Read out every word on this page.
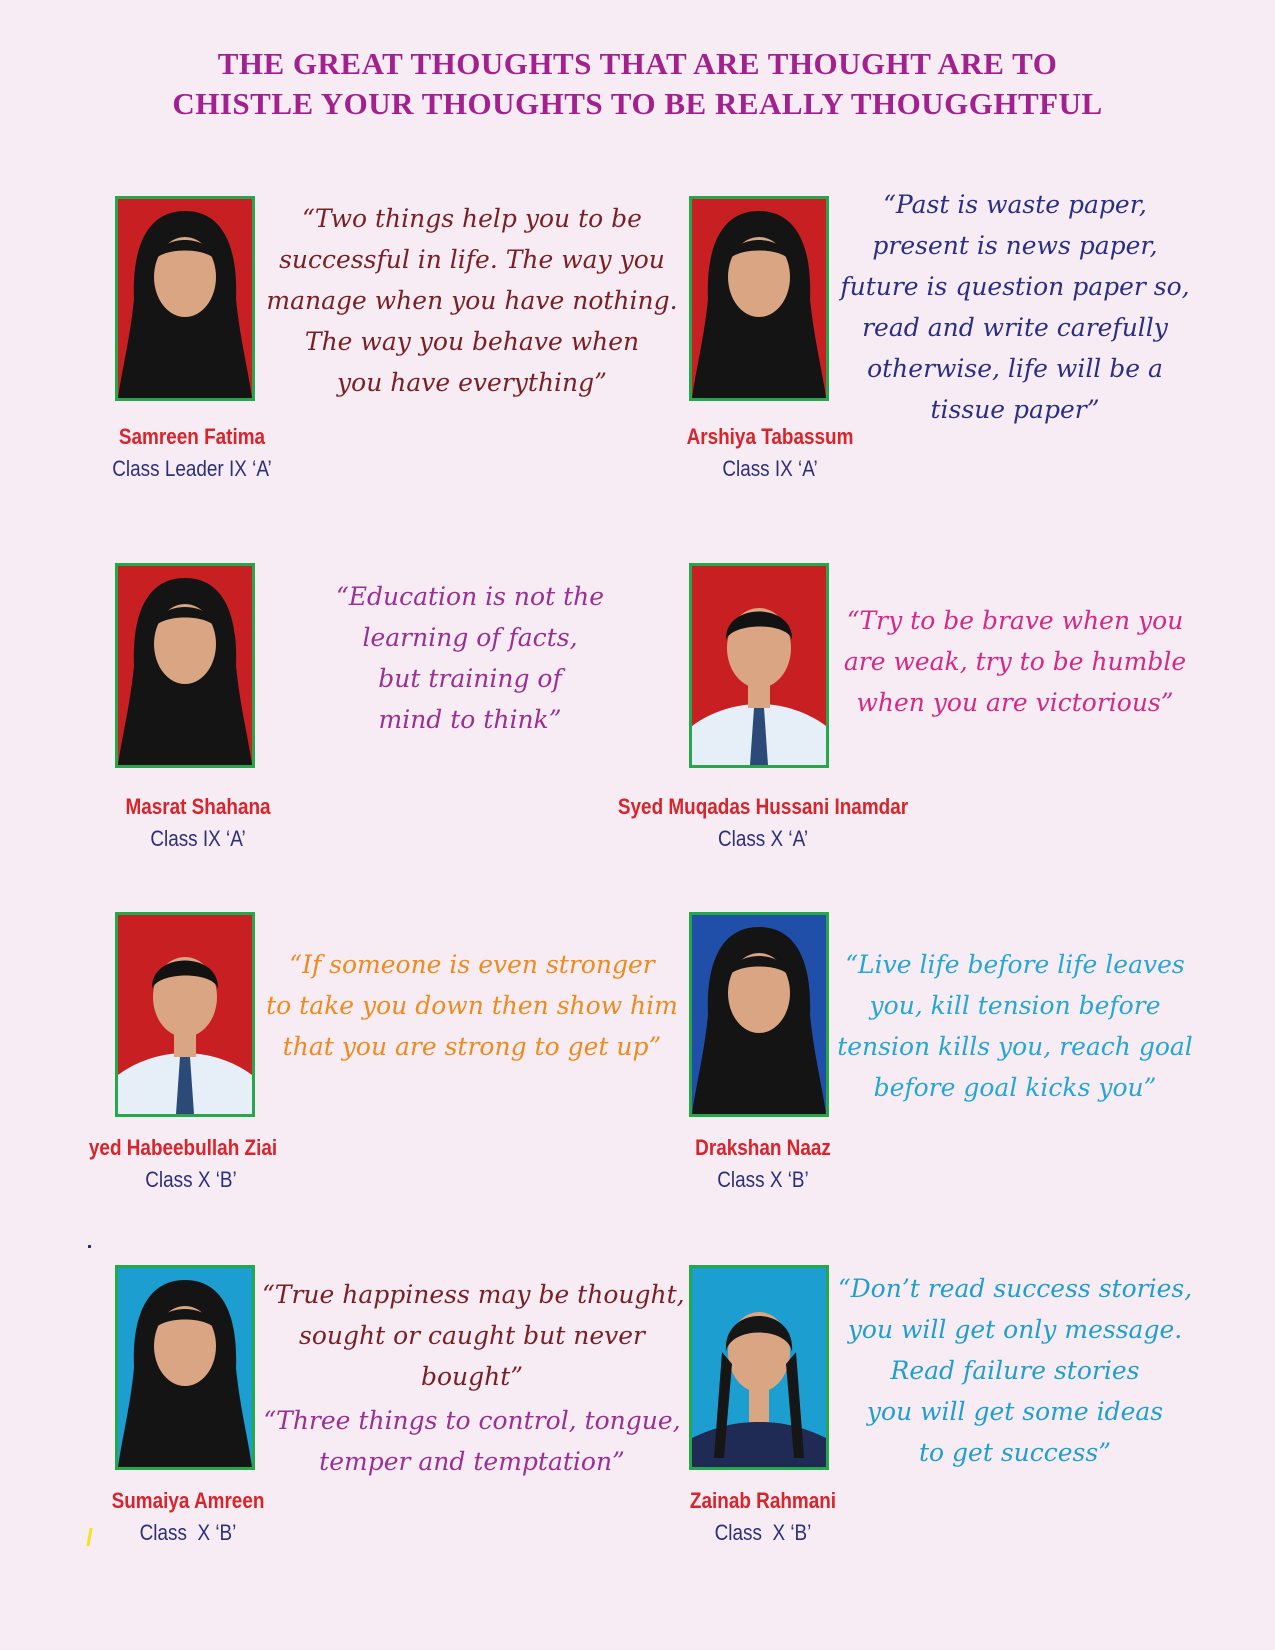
THE GREAT THOUGHTS THAT ARE THOUGHT ARE TO
CHISTLE YOUR THOUGHTS TO BE REALLY THOUGGHTFUL
Samreen Fatima
Class Leader IX ‘A’
“Two things help you to be
successful in life. The way you
manage when you have nothing.
The way you behave when
you have everything”
Arshiya Tabassum
Class IX ‘A’
“Past is waste paper,
present is news paper,
future is question paper so,
read and write carefully
otherwise, life will be a
tissue paper”
Masrat Shahana
Class IX ‘A’
“Education is not the
learning of facts,
but training of
mind to think”
Syed Muqadas Hussani Inamdar
Class X ‘A’
“Try to be brave when you
are weak, try to be humble
when you are victorious”
yed Habeebullah Ziai
Class X ‘B’
“If someone is even stronger
to take you down then show him
that you are strong to get up”
Drakshan Naaz
Class X ‘B’
“Live life before life leaves
you, kill tension before
tension kills you, reach goal
before goal kicks you”
Sumaiya Amreen
Class  X ‘B’
“True happiness may be thought,
sought or caught but never
bought”
“Three things to control, tongue,
temper and temptation”
Zainab Rahmani
Class  X ‘B’
“Don’t read success stories,
you will get only message.
Read failure stories
you will get some ideas
to get success”
